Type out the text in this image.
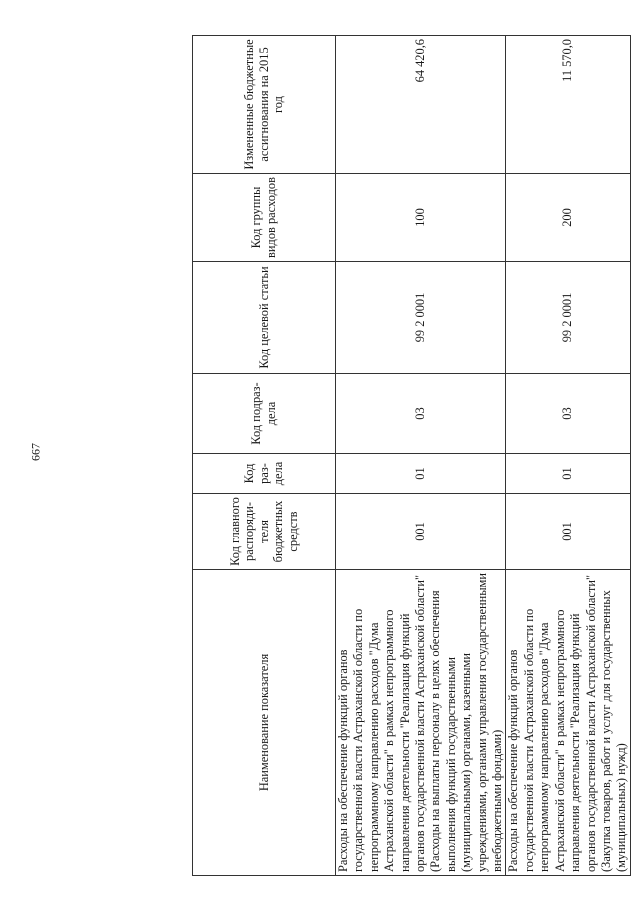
667
Наименование показателя	Код главного распоряди-теля бюджетных средств	Код раз-дела	Код подраз-дела	Код целевой статьи	Код группы видов расходов	Измененные бюджетные ассигнования на 2015 год
Расходы на обеспечение функций органов государственной власти Астраханской области по непрограммному направлению расходов "Дума Астраханской области" в рамках непрограммного направления деятельности "Реализация функций органов государственной власти Астраханской области" (Расходы на выплаты персоналу в целях обеспечения выполнения функций государственными (муниципальными) органами, казенными учреждениями, органами управления государственными внебюджетными фондами)	001	01	03	99 2 0001	100	64 420,6
Расходы на обеспечение функций органов государственной власти Астраханской области по непрограммному направлению расходов "Дума Астраханской области" в рамках непрограммного направления деятельности "Реализация функций органов государственной власти Астраханской области" (Закупка товаров, работ и услуг для государственных (муниципальных) нужд)	001	01	03	99 2 0001	200	11 570,0
